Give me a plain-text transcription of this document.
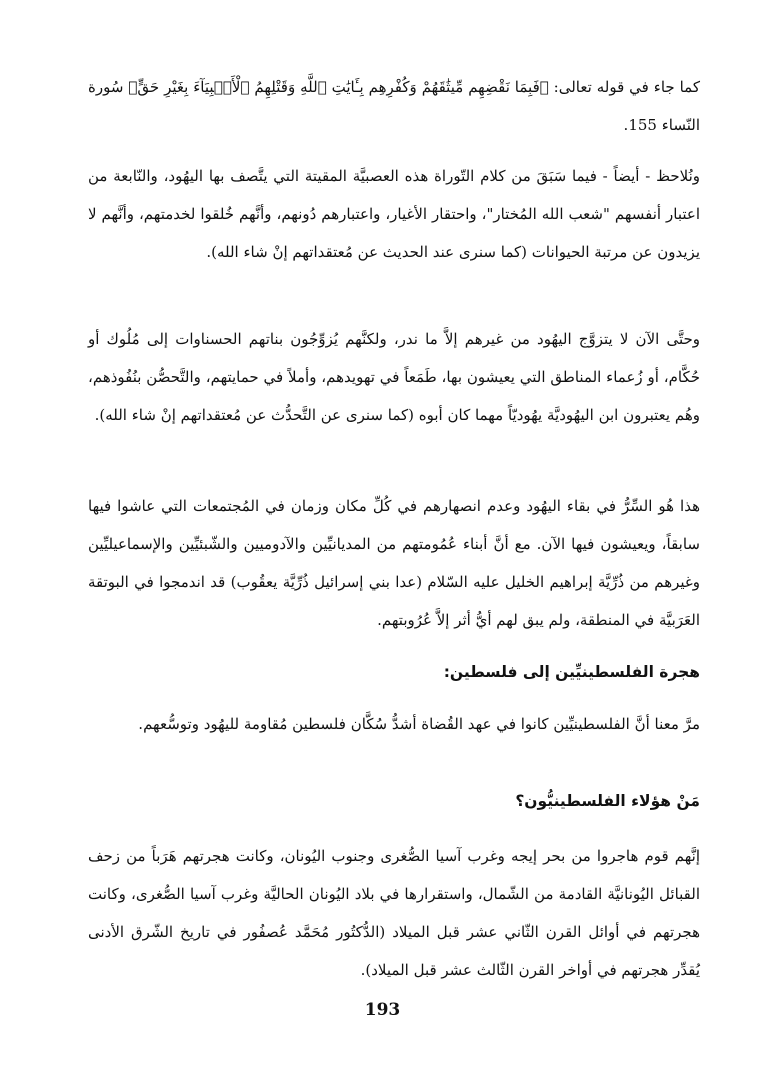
كما جاء في قوله تعالى: ﴿فَبِمَا نَقْضِهِم مِّيثَٰقَهُمْ وَكُفْرِهِم بِـَٔايَٰتِ ٱللَّهِ وَقَتْلِهِمُ ٱلْأَنۢبِيَآءَ بِغَيْرِ حَقٍّ﴾ سُورة النّساء 155.

ونُلاحظ - أيضاً - فيما سَبَقَ من كلام التّوراة هذه العصبيَّة المقيتة التي يتَّصف بها اليهُود، والنّابعة من اعتبار أنفسهم "شعب الله المُختار"، واحتقار الأغيار، واعتبارهم دُونهم، وأنَّهم خُلقوا لخدمتهم، وأنَّهم لا يزيدون عن مرتبة الحيوانات (كما سنرى عند الحديث عن مُعتقداتهم إنْ شاء الله).

وحتَّى الآن لا يتزوَّج اليهُود من غيرهم إلاَّ ما ندر، ولكنَّهم يُزوِّجُون بناتهم الحسناوات إلى مُلُوك أو حُكَّام، أو زُعماء المناطق التي يعيشون بها، طَمَعاً في تهويدهم، وأملاً في حمايتهم، والتَّحصُّن بنُفُوذهم، وهُم يعتبرون ابن اليهُوديَّة يهُوديّاً مهما كان أبوه (كما سنرى عن التَّحدُّث عن مُعتقداتهم إنْ شاء الله).

هذا هُو السِّرُّ في بقاء اليهُود وعدم انصهارهم في كُلِّ مكان وزمان في المُجتمعات التي عاشوا فيها سابقاً، ويعيشون فيها الآن. مع أنَّ أبناء عُمُومتهم من المديانيِّين والآدوميين والشّبئيِّين والإسماعيليِّين وغيرهم من ذُرِّيَّة إبراهيم الخليل عليه السّلام (عدا بني إسرائيل ذُرِّيَّة يعقُوب) قد اندمجوا في البوتقة العَرَبيَّة في المنطقة، ولم يبق لهم أيُّ أثر إلاَّ عُرُوبتهم.

هجرة الفلسطينيِّين إلى فلسطين:

مرَّ معنا أنَّ الفلسطينيِّين كانوا في عهد القُضاة أشدُّ سُكَّان فلسطين مُقاومة لليهُود وتوسُّعهم.

مَنْ هؤلاء الفلسطينيُّون؟

إنَّهم قوم هاجروا من بحر إيجه وغرب آسيا الصُّغرى وجنوب اليُونان، وكانت هجرتهم هَرَباً من زحف القبائل اليُونانيَّة القادمة من الشّمال، واستقرارها في بلاد اليُونان الحاليَّة وغرب آسيا الصُّغرى، وكانت هجرتهم في أوائل القرن الثّاني عشر قبل الميلاد (الدُّكتُور مُحَمَّد عُصفُور في تاريخ الشّرق الأدنى يُقدِّر هجرتهم في أواخر القرن الثّالث عشر قبل الميلاد).

193
